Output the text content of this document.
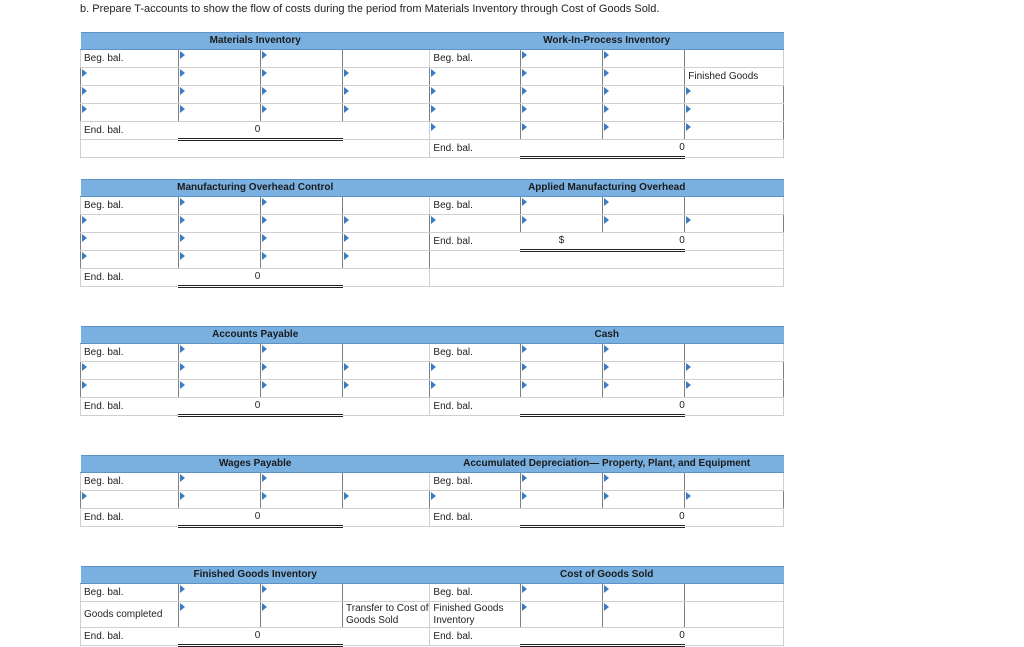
b. Prepare T-accounts to show the flow of costs during the period from Materials Inventory through Cost of Goods Sold.
Materials Inventory				Work-In-Process Inventory			
Beg. bal.				Beg. bal.			
							Finished Goods

End. bal.	0						
				End. bal.		0	
Manufacturing Overhead Control				Applied Manufacturing Overhead			
Beg. bal.				Beg. bal.			

				End. bal.	$	0	

End. bal.	0						
Accounts Payable				Cash			
Beg. bal.				Beg. bal.			

End. bal.	0			End. bal.		0	
Wages Payable				Accumulated Depreciation— Property, Plant, and Equipment			
Beg. bal.				Beg. bal.			

End. bal.	0			End. bal.		0	
Finished Goods Inventory				Cost of Goods Sold			
Beg. bal.				Beg. bal.			
Goods completed			Transfer to Cost of Goods Sold	Finished Goods Inventory			
End. bal.	0			End. bal.		0	
